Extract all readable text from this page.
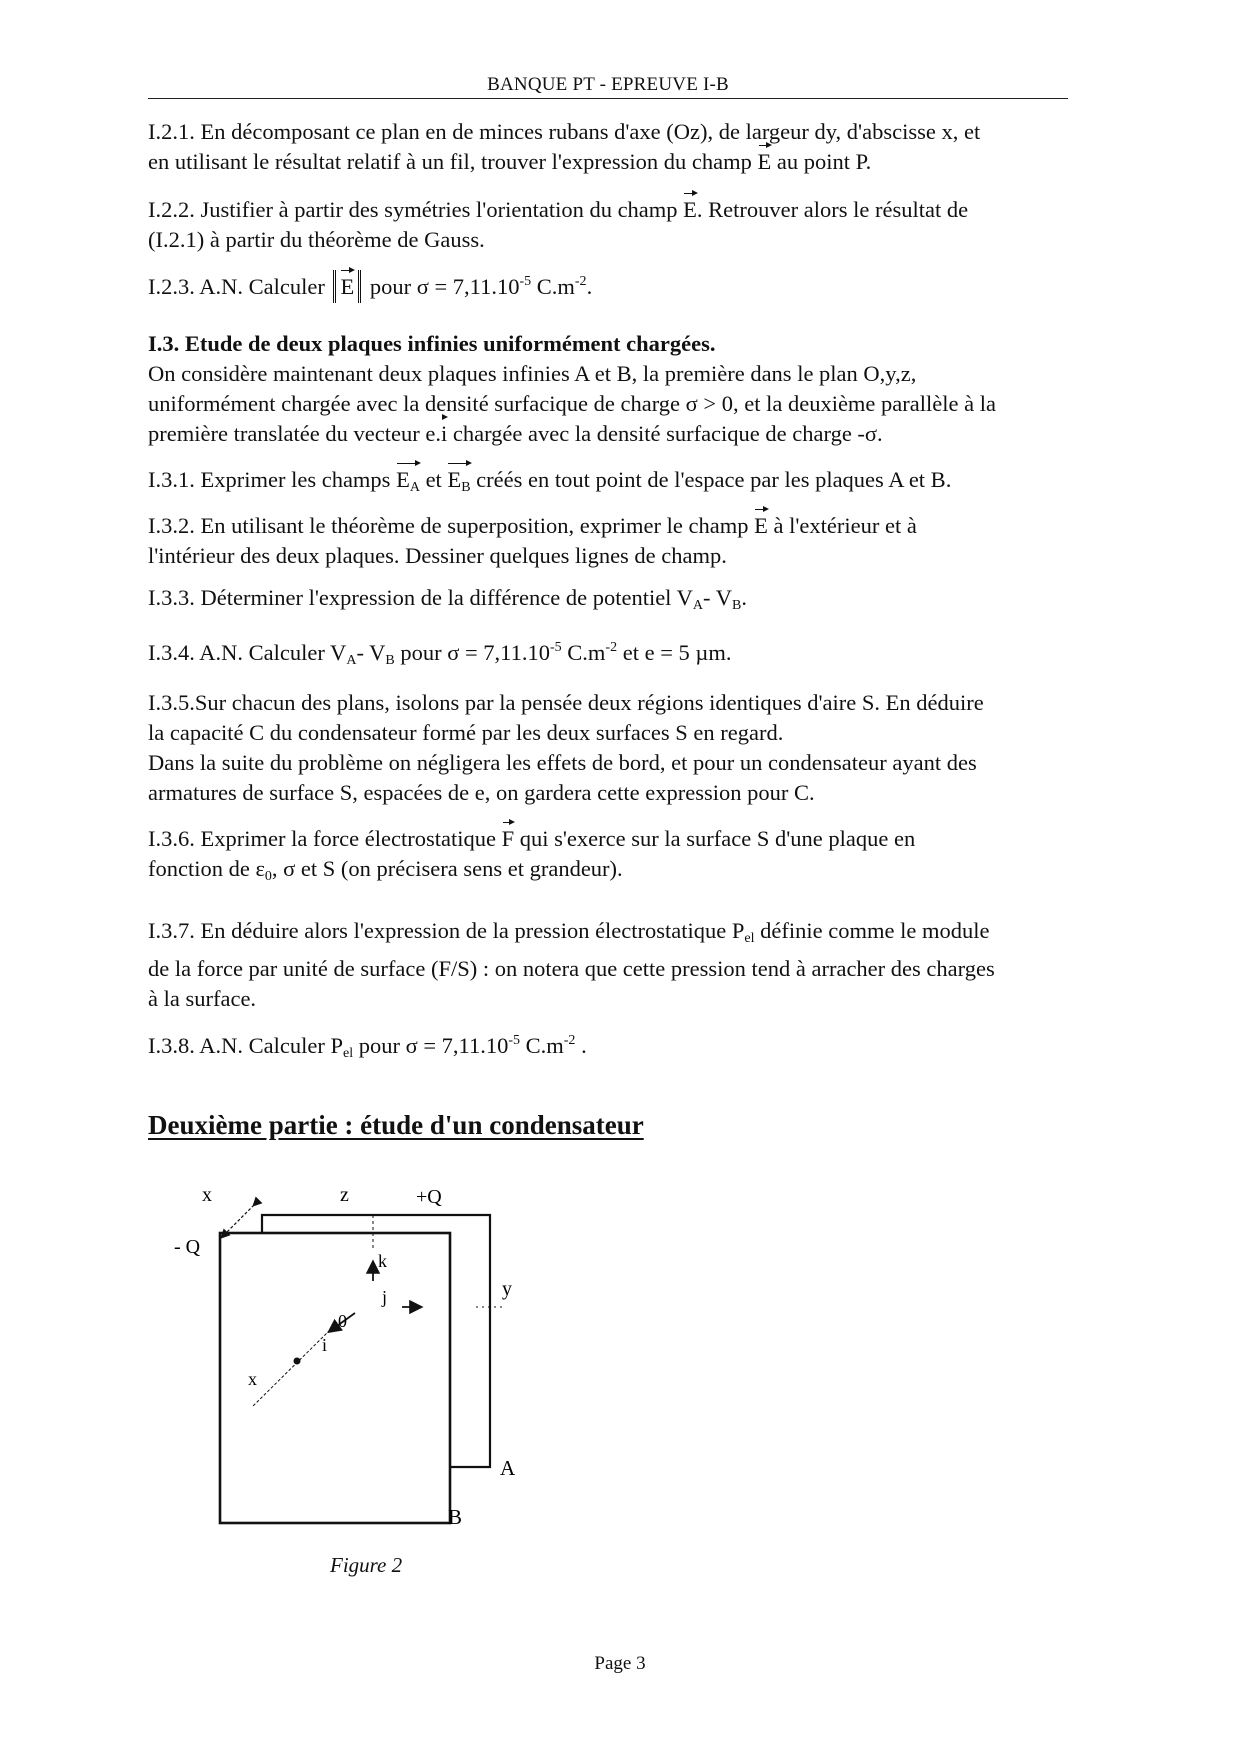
BANQUE PT - EPREUVE I-B

I.2.1. En décomposant ce plan en de minces rubans d'axe (Oz), de largeur dy, d'abscisse x, et
en utilisant le résultat relatif à un fil, trouver l'expression du champ E au point P.

I.2.2. Justifier à partir des symétries l'orientation du champ E. Retrouver alors le résultat de
(I.2.1) à partir du théorème de Gauss.

I.2.3. A.N. Calculer E pour $\sigma = 7,11.10^{-5}$ $C.m^{-2}$.

I.3. Etude de deux plaques infinies uniformément chargées.
On considère maintenant deux plaques infinies A et B, la première dans le plan O,y,z,
uniformément chargée avec la densité surfacique de charge σ > 0, et la deuxième parallèle à la
première translatée du vecteur e.i chargée avec la densité surfacique de charge -σ.

I.3.1. Exprimer les champs $E_A$ et $E_B$ créés en tout point de l'espace par les plaques A et B.

I.3.2. En utilisant le théorème de superposition, exprimer le champ E à l'extérieur et à
l'intérieur des deux plaques. Dessiner quelques lignes de champ.

I.3.3. Déterminer l'expression de la différence de potentiel $V_A-$ $V_B$.

I.3.4. A.N. Calculer $V_A-$ $V_B$ pour $\sigma = 7,11.10^{-5}$ $C.m^{-2}$ et e = 5 µm.

I.3.5.Sur chacun des plans, isolons par la pensée deux régions identiques d'aire S. En déduire
la capacité C du condensateur formé par les deux surfaces S en regard.
Dans la suite du problème on négligera les effets de bord, et pour un condensateur ayant des
armatures de surface S, espacées de e, on gardera cette expression pour C.

I.3.6. Exprimer la force électrostatique F qui s'exerce sur la surface S d'une plaque en
fonction de $\varepsilon_0$, σ et S (on précisera sens et grandeur).

I.3.7. En déduire alors l'expression de la pression électrostatique $P_{el}$ définie comme le module
de la force par unité de surface (F/S) : on notera que cette pression tend à arracher des charges
à la surface.

I.3.8. A.N. Calculer $P_{el}$ pour $\sigma = 7,11.10^{-5}$ $C.m^{-2}$ .

Deuxième partie : étude d'un condensateur
x	z	+Q
- Q
k
j
0
i
x
y
A
B
Figure 2
Page 3
